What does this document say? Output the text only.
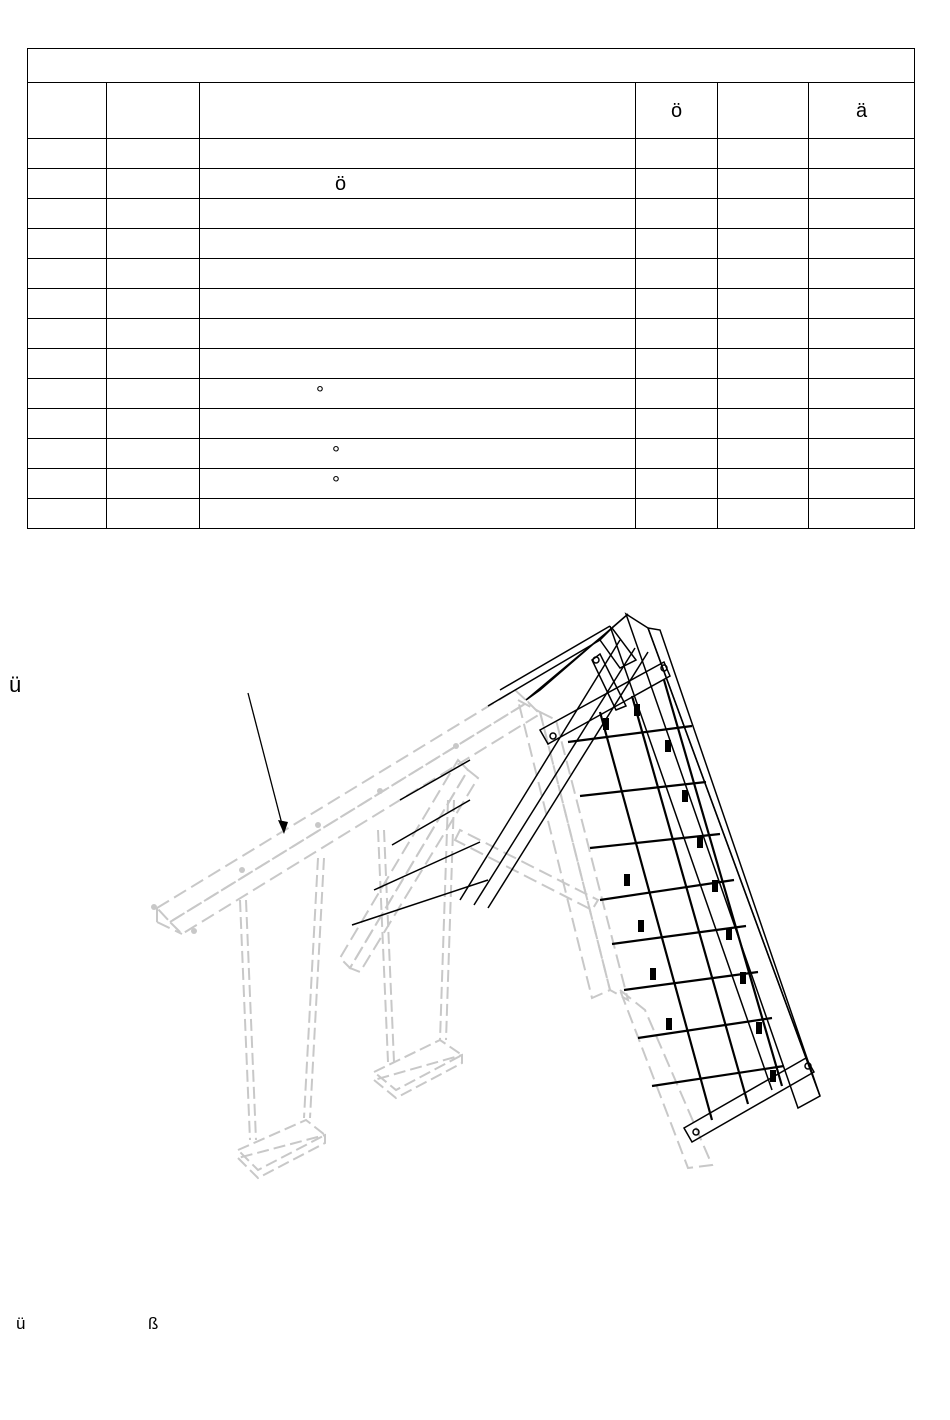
			ö		ä

		ö			

		°			

		°			
		°			

ü
ü	ß
